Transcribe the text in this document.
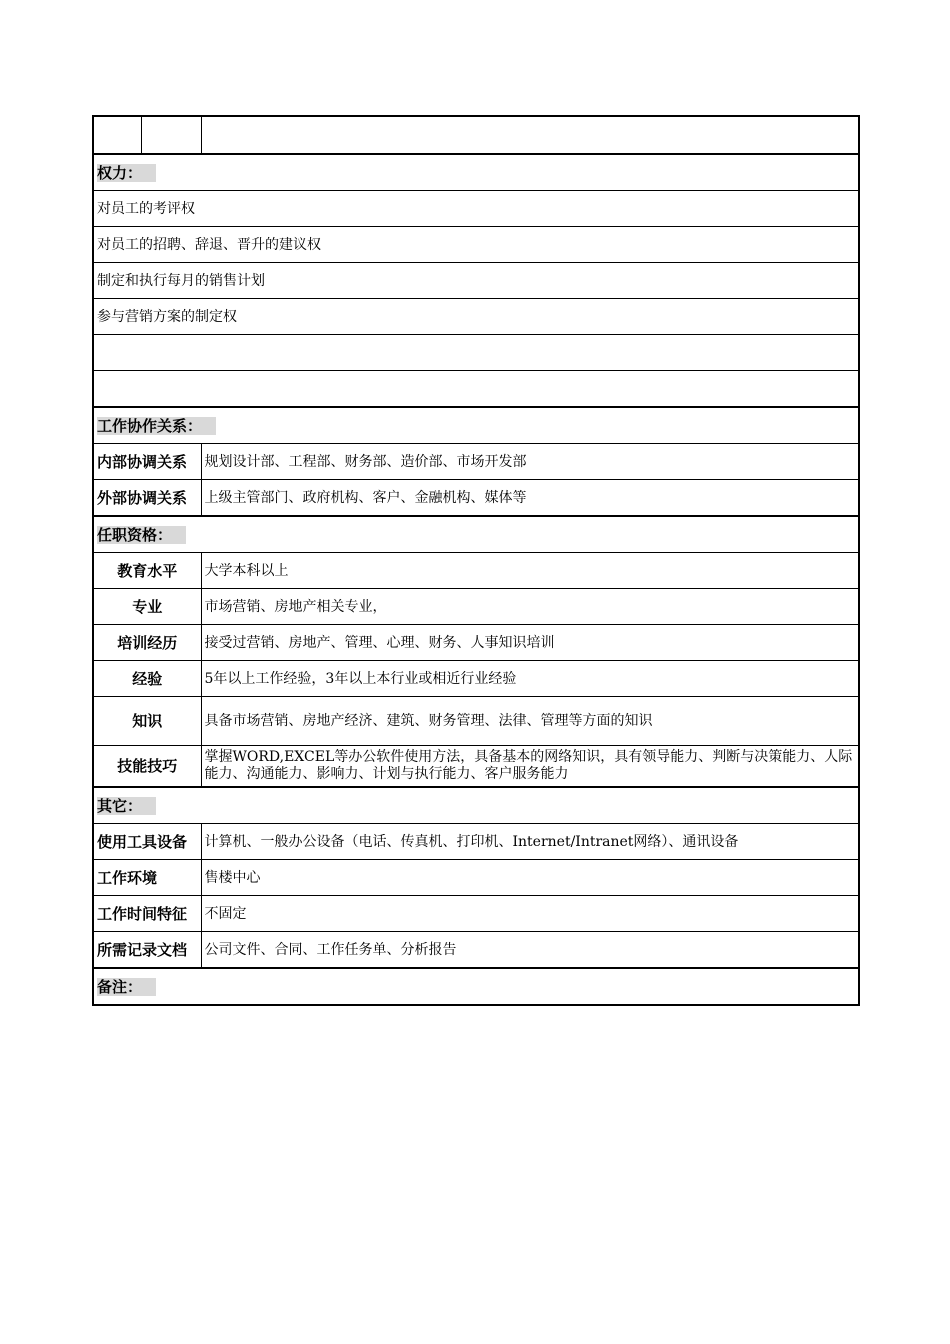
权力：		
对员工的考评权		
对员工的招聘、辞退、晋升的建议权		
制定和执行每月的销售计划		
参与营销方案的制定权		

工作协作关系：		
内部协调关系		规划设计部、工程部、财务部、造价部、市场开发部
外部协调关系		上级主管部门、政府机构、客户、金融机构、媒体等
任职资格：		
教育水平		大学本科以上
专业		市场营销、房地产相关专业，
培训经历		接受过营销、房地产、管理、心理、财务、人事知识培训
经验		5年以上工作经验，3年以上本行业或相近行业经验
知识		具备市场营销、房地产经济、建筑、财务管理、法律、管理等方面的知识
技能技巧		掌握WORD,EXCEL等办公软件使用方法，具备基本的网络知识，具有领导能力、判断与决策能力、人际能力、沟通能力、影响力、计划与执行能力、客户服务能力
其它：		
使用工具设备		计算机、一般办公设备（电话、传真机、打印机、Internet/Intranet网络）、通讯设备
工作环境		售楼中心
工作时间特征		不固定
所需记录文档		公司文件、合同、工作任务单、分析报告
备注：		
